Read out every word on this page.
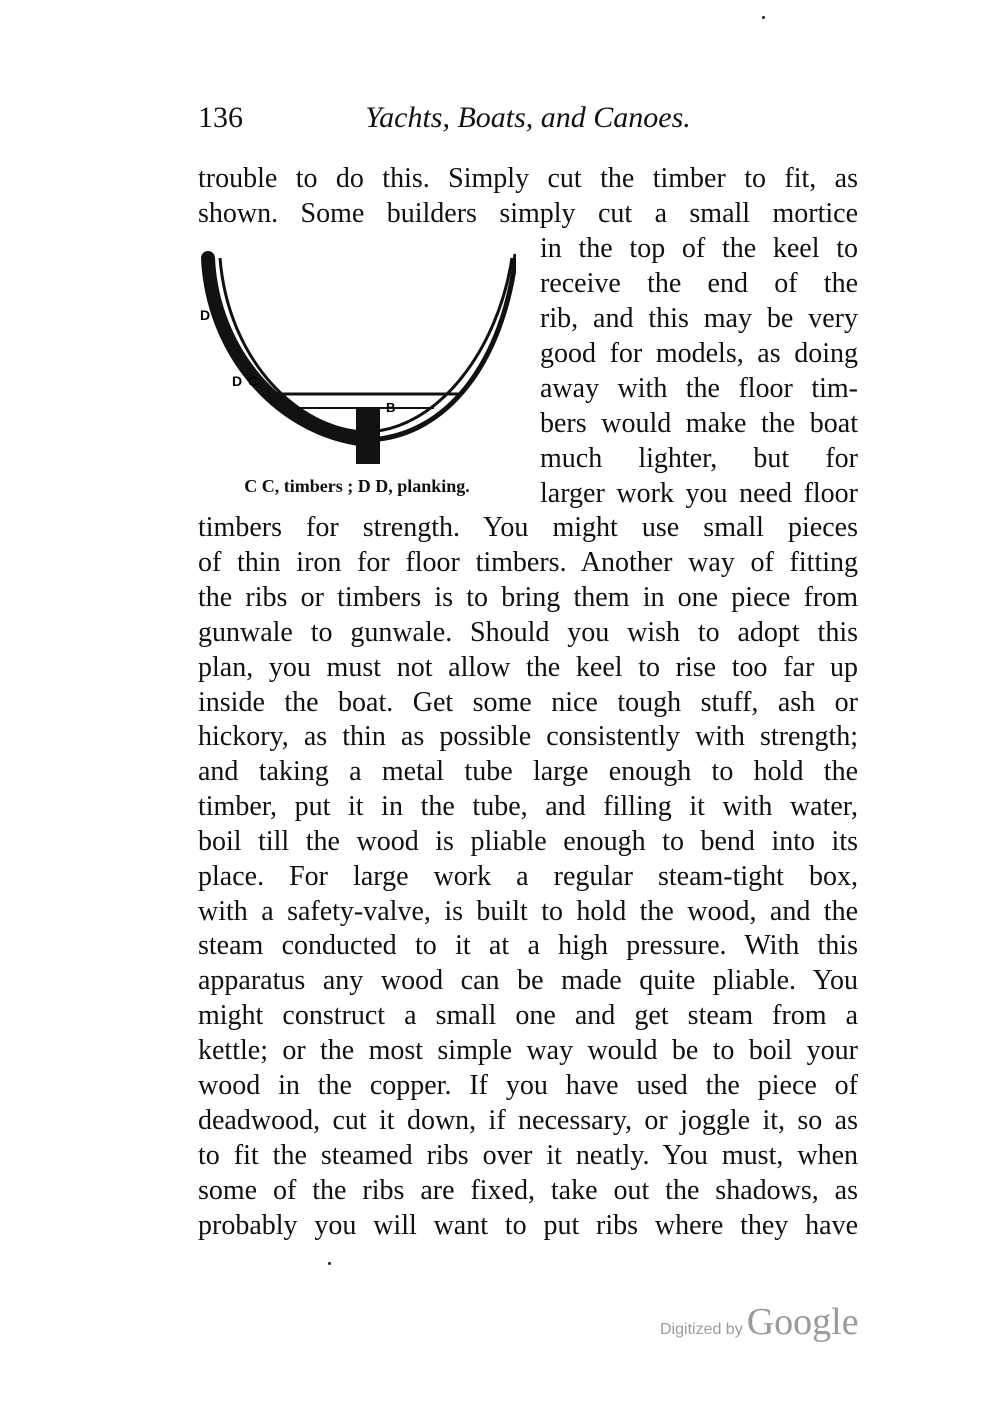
136	Yachts, Boats, and Canoes.
trouble to do this. Simply cut the timber to fit, as
shown. Some builders simply cut a small mortice
in the top of the keel to
receive the end of the
rib, and this may be very
good for models, as doing
away with the floor tim-
bers would make the boat
much lighter, but for
larger work you need floor
timbers for strength. You might use small pieces
of thin iron for floor timbers. Another way of fitting
the ribs or timbers is to bring them in one piece from
gunwale to gunwale. Should you wish to adopt this
plan, you must not allow the keel to rise too far up
inside the boat. Get some nice tough stuff, ash or
hickory, as thin as possible consistently with strength;
and taking a metal tube large enough to hold the
timber, put it in the tube, and filling it with water,
boil till the wood is pliable enough to bend into its
place. For large work a regular steam-tight box,
with a safety-valve, is built to hold the wood, and the
steam conducted to it at a high pressure. With this
apparatus any wood can be made quite pliable. You
might construct a small one and get steam from a
kettle; or the most simple way would be to boil your
wood in the copper. If you have used the piece of
deadwood, cut it down, if necessary, or joggle it, so as
to fit the steamed ribs over it neatly. You must, when
some of the ribs are fixed, take out the shadows, as
probably you will want to put ribs where they have
D
D C
B
C C, timbers ; D D, planking.
Digitized by Google
